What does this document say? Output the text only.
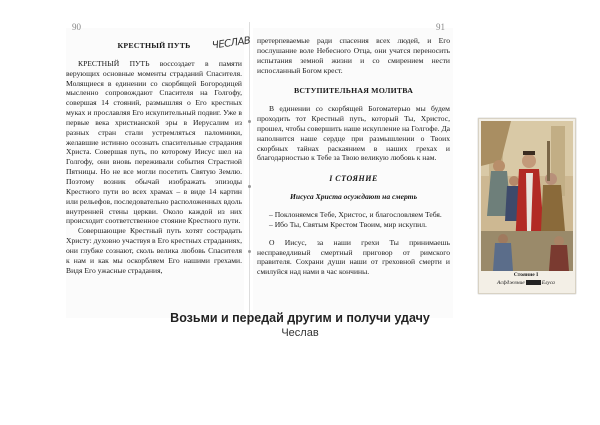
90	91
ЧЕСЛАВ

КРЕСТНЫЙ ПУТЬ

КРЕСТНЫЙ ПУТЬ воссоздает в памяти верующих основные моменты страданий Спасителя. Молящиеся в единении со скорбящей Богородицей мысленно сопровождают Спасителя на Голгофу, совершая 14 стояний, размышляя о Его крестных муках и прославляя Его искупительный подвиг. Уже в первые века христианской эры в Иерусалим из разных стран стали устремляться паломники, желавшие истинно осознать спасительные страдания Христа. Совершая путь, по которому Иисус шел на Голгофу, они вновь переживали события Страстной Пятницы. Но не все могли посетить Святую Землю. Поэтому возник обычай изображать эпизоды Крестного пути во всех храмах – в виде 14 картин или рельефов, последовательно расположенных вдоль внутренней стены церкви. Около каждой из них происходит соответственное стояние Крестного пути.

Совершающие Крестный путь хотят сострадать Христу: духовно участвуя в Его крестных страданиях, они глубже сознают, сколь велика любовь Спасителя к нам и как мы оскорбляем Его нашими грехами. Видя Его ужасные страдания,

претерпеваемые ради спасения всех людей, и Его послушание воле Небесного Отца, они учатся переносить испытания земной жизни и со смирением нести испосланный Богом крест.

ВСТУПИТЕЛЬНАЯ МОЛИТВА

В единении со скорбящей Богоматерью мы будем проходить тот Крестный путь, который Ты, Христос, прошел, чтобы совершить наше искупление на Голгофе. Да наполнится наше сердце при размышлении о Твоих скорбных тайнах раскаянием в наших грехах и благодарностью к Тебе за Твою великую любовь к нам.

I СТОЯНИЕ

Иисуса Христа осуждают на смерть

– Поклоняемся Тебе, Христос, и благословляем Тебя.

– Ибо Ты, Святым Крестом Твоим, мир искупил.

О Иисус, за наши грехи Ты принимаешь несправедливый смертный приговор от римского правителя. Сохрани души наши от греховной смерти и смилуйся над нами в час кончины.	Стояние I
Асфджвние	Елуса
Возьми и передай другим и получи удачу
Чеслав
